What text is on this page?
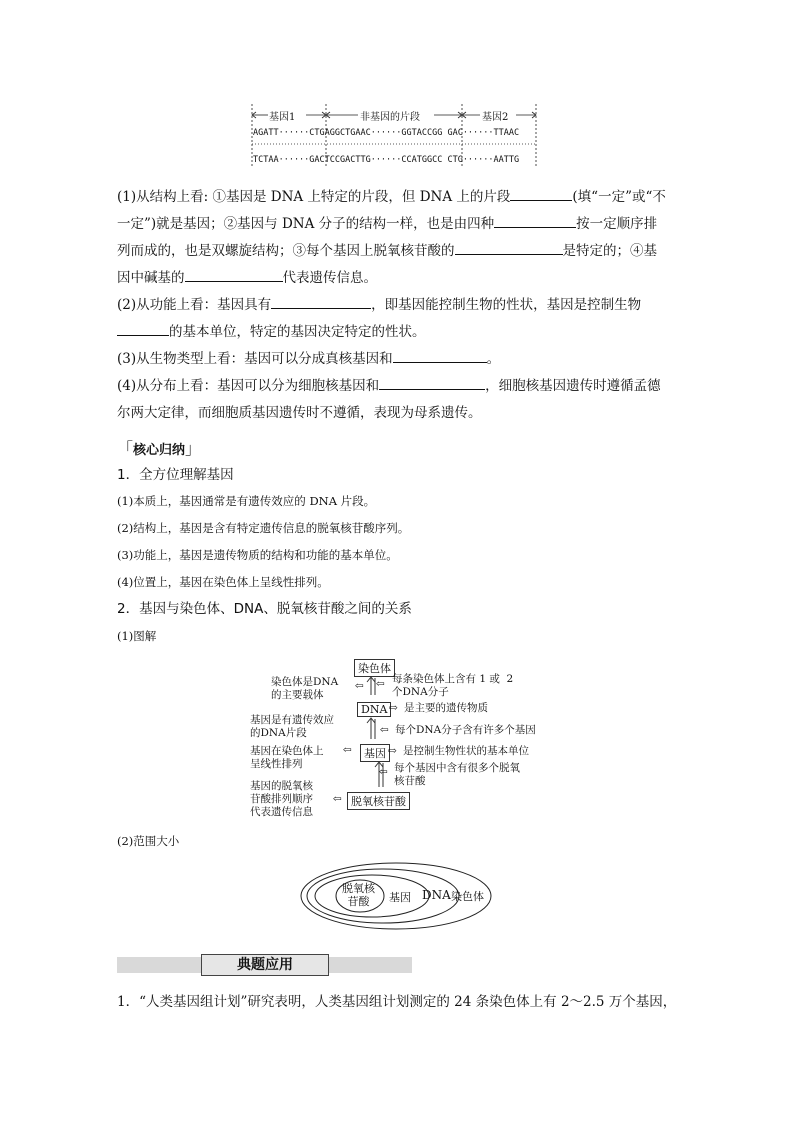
基因1	非基因的片段	基因2
AGATT······CTGAGGCTGAAC······GGTACCGG GAC······TTAAC
TCTAA······GACTCCGACTTG······CCATGGCC CTG······AATTG
(1)从结构上看: ①基因是 DNA 上特定的片段，但 DNA 上的片段	(填“一定”或“不
一定”)就是基因；②基因与 DNA 分子的结构一样，也是由四种	按一定顺序排
列而成的，也是双螺旋结构；③每个基因上脱氧核苷酸的	是特定的；④基
因中碱基的	代表遗传信息。
(2)从功能上看：基因具有	，即基因能控制生物的性状，基因是控制生物
的基本单位，特定的基因决定特定的性状。
(3)从生物类型上看：基因可以分成真核基因和	。
(4)从分布上看：基因可以分为细胞核基因和	，细胞核基因遗传时遵循孟德
尔两大定律，而细胞质基因遗传时不遵循，表现为母系遗传。
「核心归纳」
1．全方位理解基因
(1)本质上，基因通常是有遗传效应的 DNA 片段。
(2)结构上，基因是含有特定遗传信息的脱氧核苷酸序列。
(3)功能上，基因是遗传物质的结构和功能的基本单位。
(4)位置上，基因在染色体上呈线性排列。
2．基因与染色体、DNA、脱氧核苷酸之间的关系
(1)图解
染色体
DNA
基因
脱氧核苷酸
染色体是DNA
的主要载体
⇦
基因是有遗传效应
的DNA片段
基因在染色体上
呈线性排列
⇦
基因的脱氧核
苷酸排列顺序
代表遗传信息
⇦
⇦ 每条染色体上含有 1 或  2
个DNA分子
⇨ 是主要的遗传物质
⇦ 每个DNA分子含有许多个基因
⇨ 是控制生物性状的基本单位
⇦ 每个基因中含有很多个脱氧
核苷酸
(2)范围大小
脱氧核
苷酸	基因 DNA 染色体
典题应用
1．“人类基因组计划”研究表明，人类基因组计划测定的 24 条染色体上有 2～2.5 万个基因，
